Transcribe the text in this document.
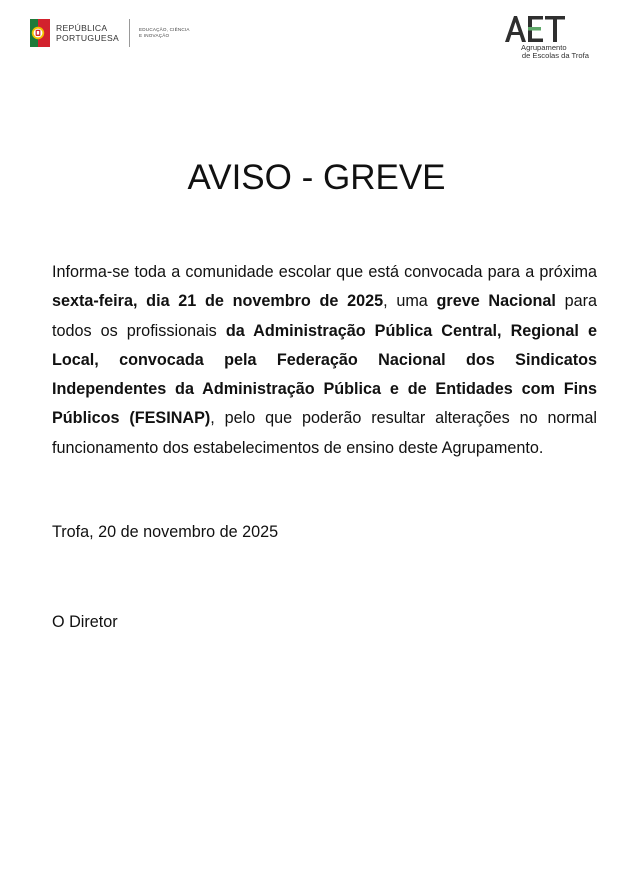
REPÚBLICA
PORTUGUESA
EDUCAÇÃO, CIÊNCIA
E INOVAÇÃO
Agrupamento
de Escolas da Trofa
AVISO - GREVE

Informa-se toda a comunidade escolar que está convocada para a próxima sexta-feira, dia 21 de novembro de 2025, uma greve Nacional para todos os profissionais da Administração Pública Central, Regional e Local, convocada pela Federação Nacional dos Sindicatos Independentes da Administração Pública e de Entidades com Fins Públicos (FESINAP), pelo que poderão resultar alterações no normal funcionamento dos estabelecimentos de ensino deste Agrupamento.

Trofa, 20 de novembro de 2025

O Diretor
